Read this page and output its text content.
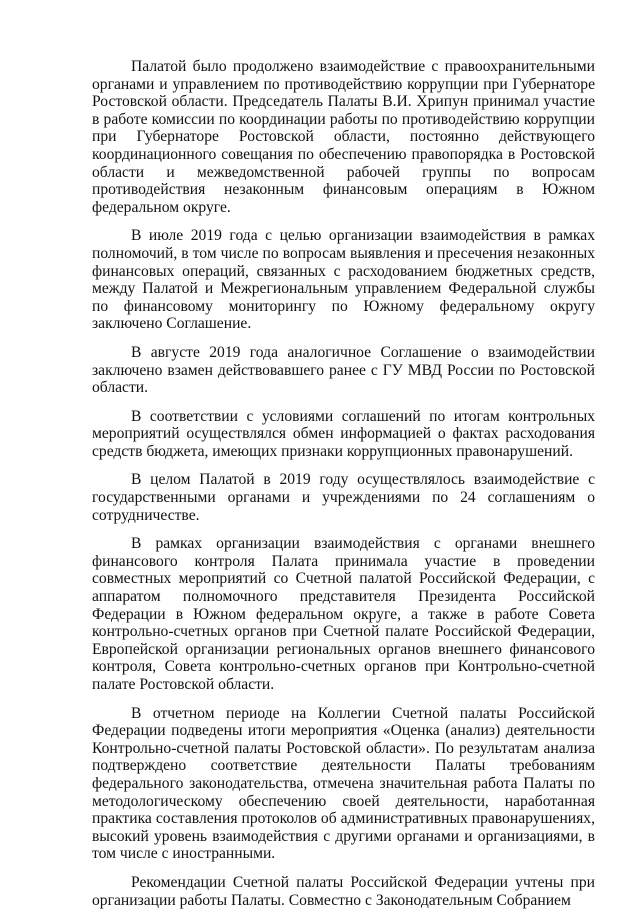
Палатой было продолжено взаимодействие с правоохранительными органами и управлением по противодействию коррупции при Губернаторе Ростовской области. Председатель Палаты В.И. Хрипун принимал участие в работе комиссии по координации работы по противодействию коррупции при Губернаторе Ростовской области, постоянно действующего координационного совещания по обеспечению правопорядка в Ростовской области и межведомственной рабочей группы по вопросам противодействия незаконным финансовым операциям в Южном федеральном округе.

В июле 2019 года с целью организации взаимодействия в рамках полномочий, в том числе по вопросам выявления и пресечения незаконных финансовых операций, связанных с расходованием бюджетных средств, между Палатой и Межрегиональным управлением Федеральной службы по финансовому мониторингу по Южному федеральному округу заключено Соглашение.

В августе 2019 года аналогичное Соглашение о взаимодействии заключено взамен действовавшего ранее с ГУ МВД России по Ростовской области.

В соответствии с условиями соглашений по итогам контрольных мероприятий осуществлялся обмен информацией о фактах расходования средств бюджета, имеющих признаки коррупционных правонарушений.

В целом Палатой в 2019 году осуществлялось взаимодействие с государственными органами и учреждениями по 24 соглашениям о сотрудничестве.

В рамках организации взаимодействия с органами внешнего финансового контроля Палата принимала участие в проведении совместных мероприятий со Счетной палатой Российской Федерации, с аппаратом полномочного представителя Президента Российской Федерации в Южном федеральном округе, а также в работе Совета контрольно-счетных органов при Счетной палате Российской Федерации, Европейской организации региональных органов внешнего финансового контроля, Совета контрольно-счетных органов при Контрольно-счетной палате Ростовской области.

В отчетном периоде на Коллегии Счетной палаты Российской Федерации подведены итоги мероприятия «Оценка (анализ) деятельности Контрольно-счетной палаты Ростовской области». По результатам анализа подтверждено соответствие деятельности Палаты требованиям федерального законодательства, отмечена значительная работа Палаты по методологическому обеспечению своей деятельности, наработанная практика составления протоколов об административных правонарушениях, высокий уровень взаимодействия с другими органами и организациями, в том числе с иностранными.

Рекомендации Счетной палаты Российской Федерации учтены при организации работы Палаты. Совместно с Законодательным Собранием
